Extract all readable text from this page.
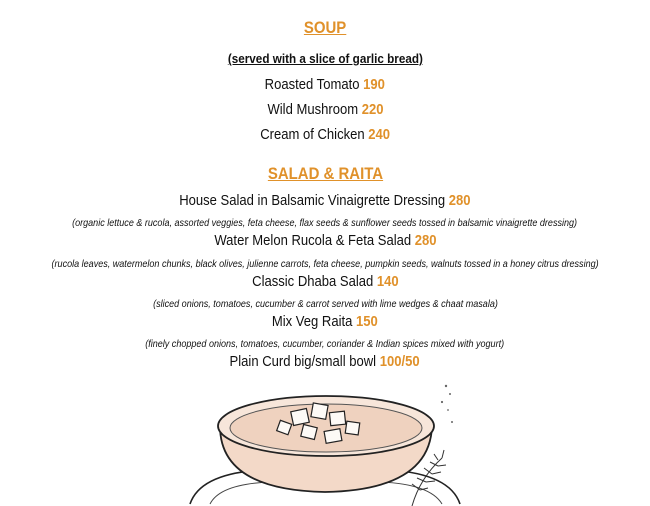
SOUP
(served with a slice of garlic bread)
Roasted Tomato 190
Wild Mushroom 220
Cream of Chicken 240
SALAD & RAITA
House Salad in Balsamic Vinaigrette Dressing 280
(organic lettuce & rucola, assorted veggies, feta cheese, flax seeds & sunflower seeds tossed in balsamic vinaigrette dressing)
Water Melon Rucola & Feta Salad 280
(rucola leaves, watermelon chunks, black olives, julienne carrots, feta cheese, pumpkin seeds, walnuts tossed in a honey citrus dressing)
Classic Dhaba Salad 140
(sliced onions, tomatoes, cucumber & carrot served with lime wedges & chaat masala)
Mix Veg Raita 150
(finely chopped onions, tomatoes, cucumber, coriander & Indian spices mixed with yogurt)
Plain Curd big/small bowl 100/50
